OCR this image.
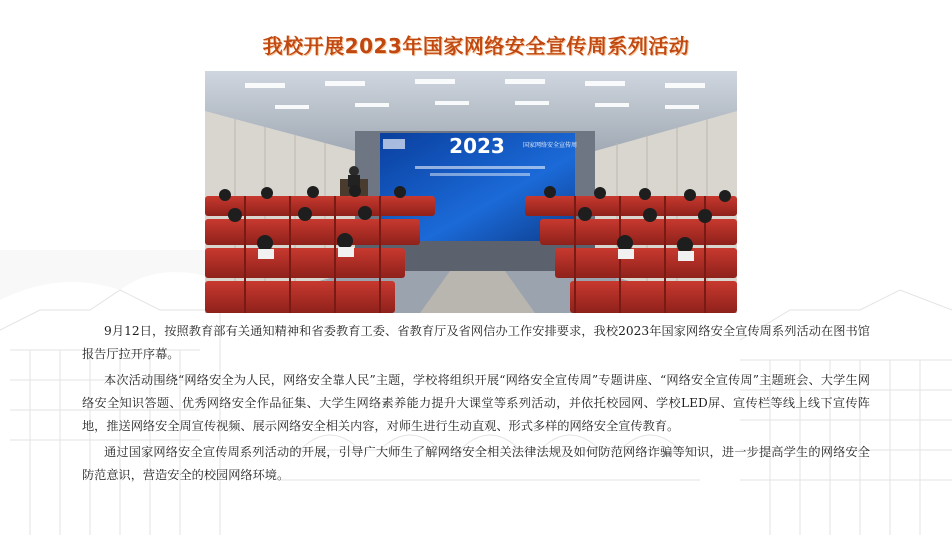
我校开展2023年国家网络安全宣传周系列活动
2023	国家网络安全宣传周

9月12日，按照教育部有关通知精神和省委教育工委、省教育厅及省网信办工作安排要求，我校2023年国家网络安全宣传周系列活动在图书馆报告厅拉开序幕。

本次活动围绕“网络安全为人民，网络安全靠人民”主题，学校将组织开展“网络安全宣传周”专题讲座、“网络安全宣传周”主题班会、大学生网络安全知识答题、优秀网络安全作品征集、大学生网络素养能力提升大课堂等系列活动，并依托校园网、学校LED屏、宣传栏等线上线下宣传阵地，推送网络安全周宣传视频、展示网络安全相关内容，对师生进行生动直观、形式多样的网络安全宣传教育。

通过国家网络安全宣传周系列活动的开展，引导广大师生了解网络安全相关法律法规及如何防范网络诈骗等知识，进一步提高学生的网络安全防范意识，营造安全的校园网络环境。
